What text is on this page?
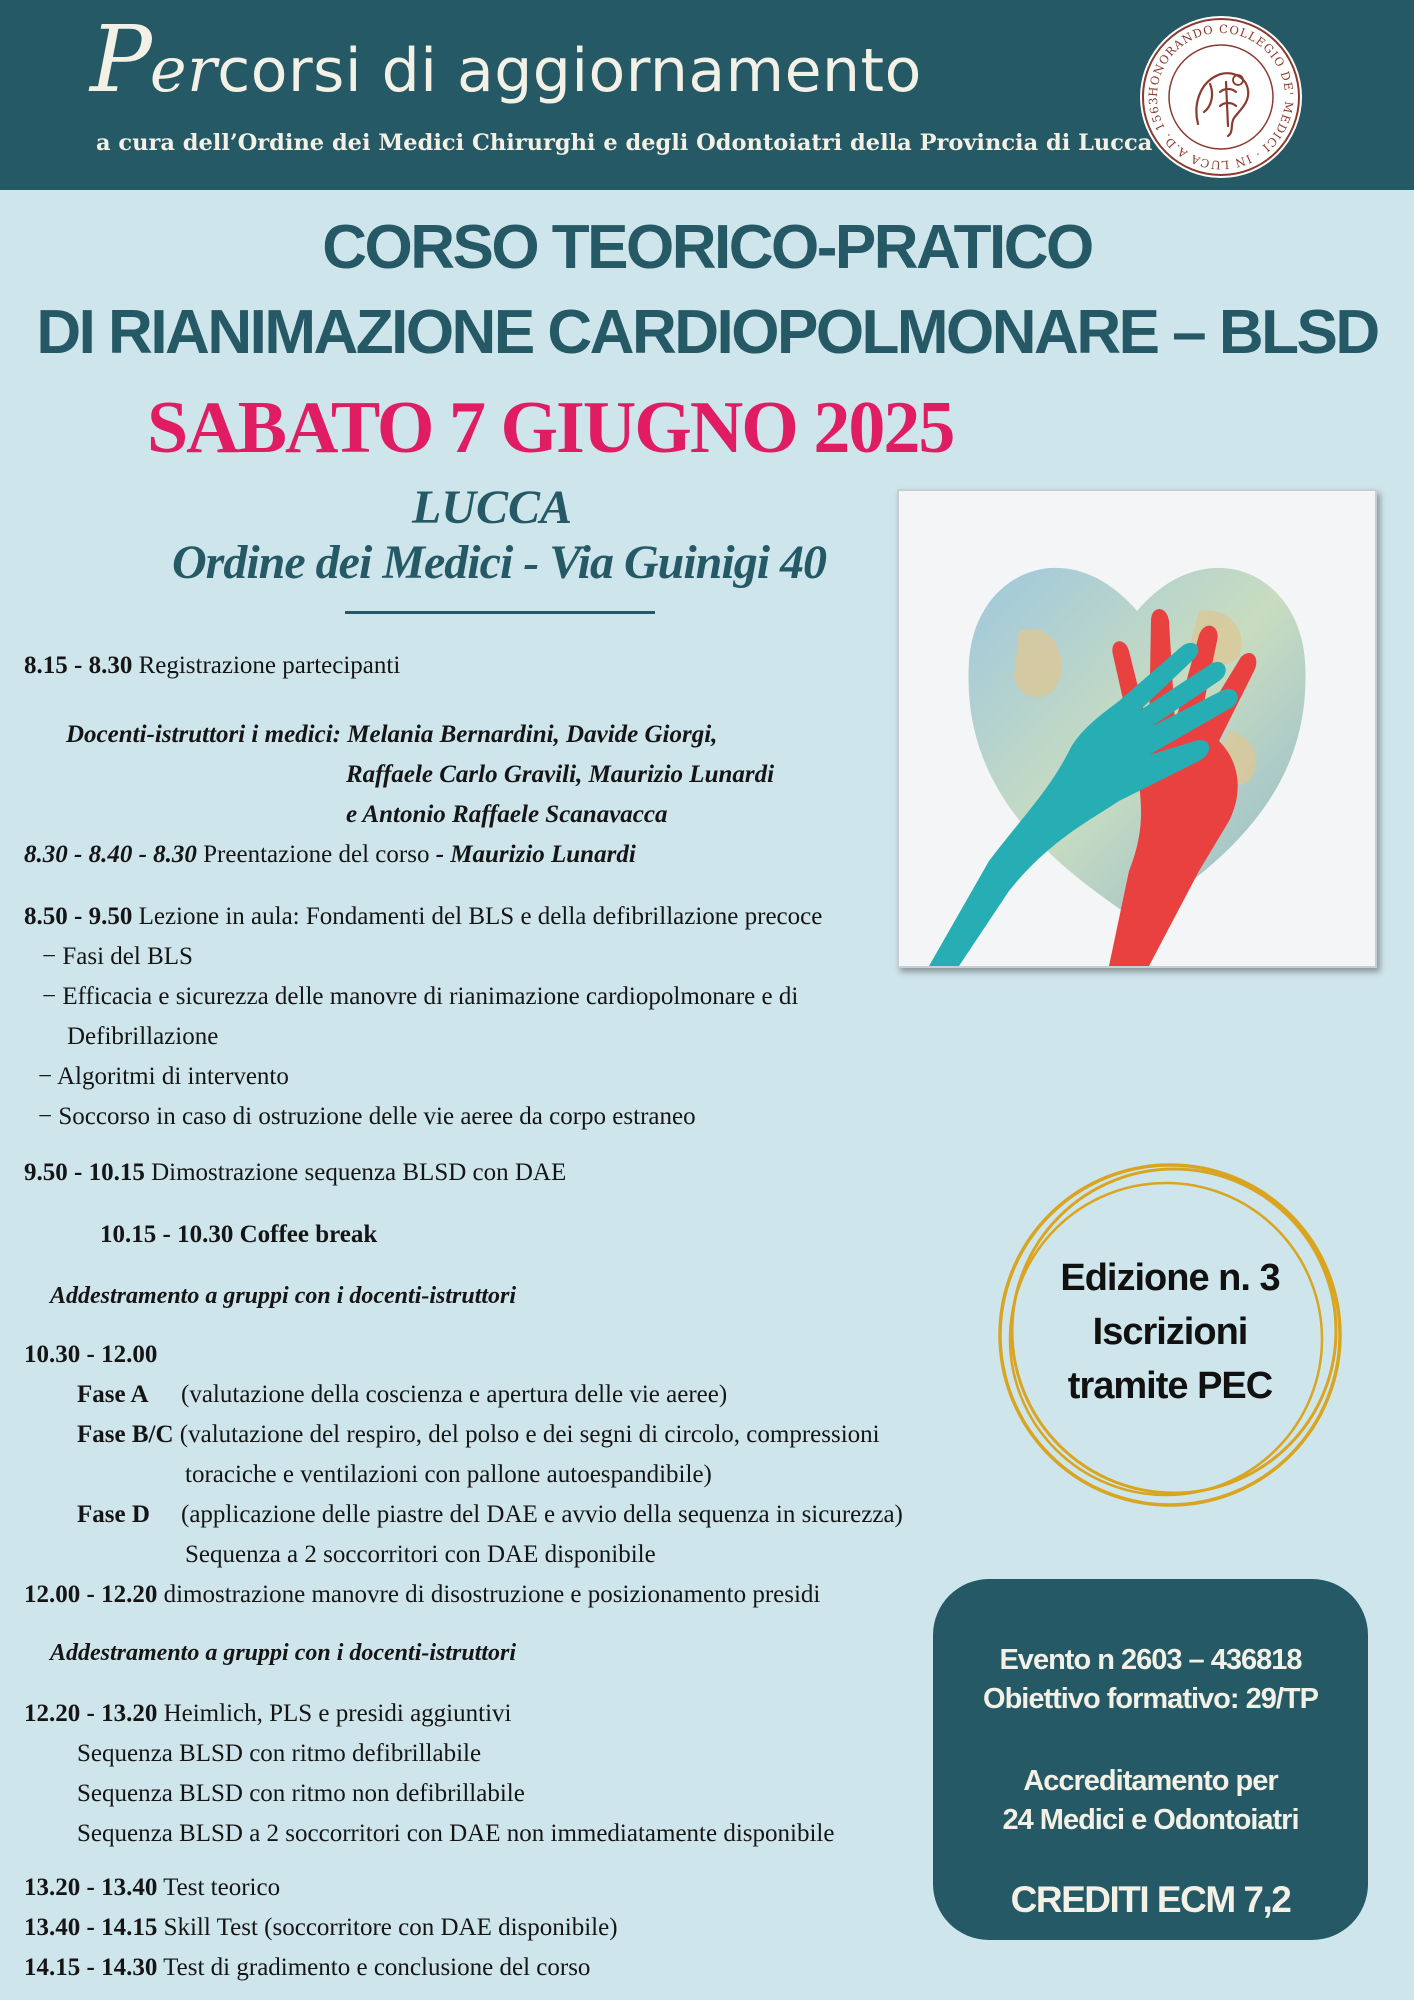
Percorsi di aggiornamento
a cura dell’Ordine dei Medici Chirurghi e degli Odontoiatri della Provincia di Lucca
HONORANDO COLLEGIO DE' MEDICI · IN LUCA A.D. 1563
CORSO TEORICO-PRATICO
DI RIANIMAZIONE CARDIOPOLMONARE – BLSD
SABATO 7 GIUGNO 2025
LUCCA
Ordine dei Medici - Via Guinigi 40
8.15 - 8.30 Registrazione partecipanti
Docenti-istruttori i medici: Melania Bernardini, Davide Giorgi,
Raffaele Carlo Gravili, Maurizio Lunardi
e Antonio Raffaele Scanavacca
8.30 - 8.40 - 8.30 Preentazione del corso - Maurizio Lunardi
8.50 - 9.50 Lezione in aula: Fondamenti del BLS e della defibrillazione precoce
− Fasi del BLS
− Efficacia e sicurezza delle manovre di rianimazione cardiopolmonare e di
Defibrillazione
− Algoritmi di intervento
− Soccorso in caso di ostruzione delle vie aeree da corpo estraneo
9.50 - 10.15 Dimostrazione sequenza BLSD con DAE
10.15 - 10.30 Coffee break
Addestramento a gruppi con i docenti-istruttori
10.30 - 12.00
Fase A (valutazione della coscienza e apertura delle vie aeree)
Fase B/C (valutazione del respiro, del polso e dei segni di circolo, compressioni
toraciche e ventilazioni con pallone autoespandibile)
Fase D (applicazione delle piastre del DAE e avvio della sequenza in sicurezza)
Sequenza a 2 soccorritori con DAE disponibile
12.00 - 12.20 dimostrazione manovre di disostruzione e posizionamento presidi
Addestramento a gruppi con i docenti-istruttori
12.20 - 13.20 Heimlich, PLS e presidi aggiuntivi
Sequenza BLSD con ritmo defibrillabile
Sequenza BLSD con ritmo non defibrillabile
Sequenza BLSD a 2 soccorritori con DAE non immediatamente disponibile
13.20 - 13.40 Test teorico
13.40 - 14.15 Skill Test (soccorritore con DAE disponibile)
14.15 - 14.30 Test di gradimento e conclusione del corso
Edizione n. 3
Iscrizioni
tramite PEC
Evento n 2603 – 436818
Obiettivo formativo: 29/TP
Accreditamento per
24 Medici e Odontoiatri
CREDITI ECM 7,2
